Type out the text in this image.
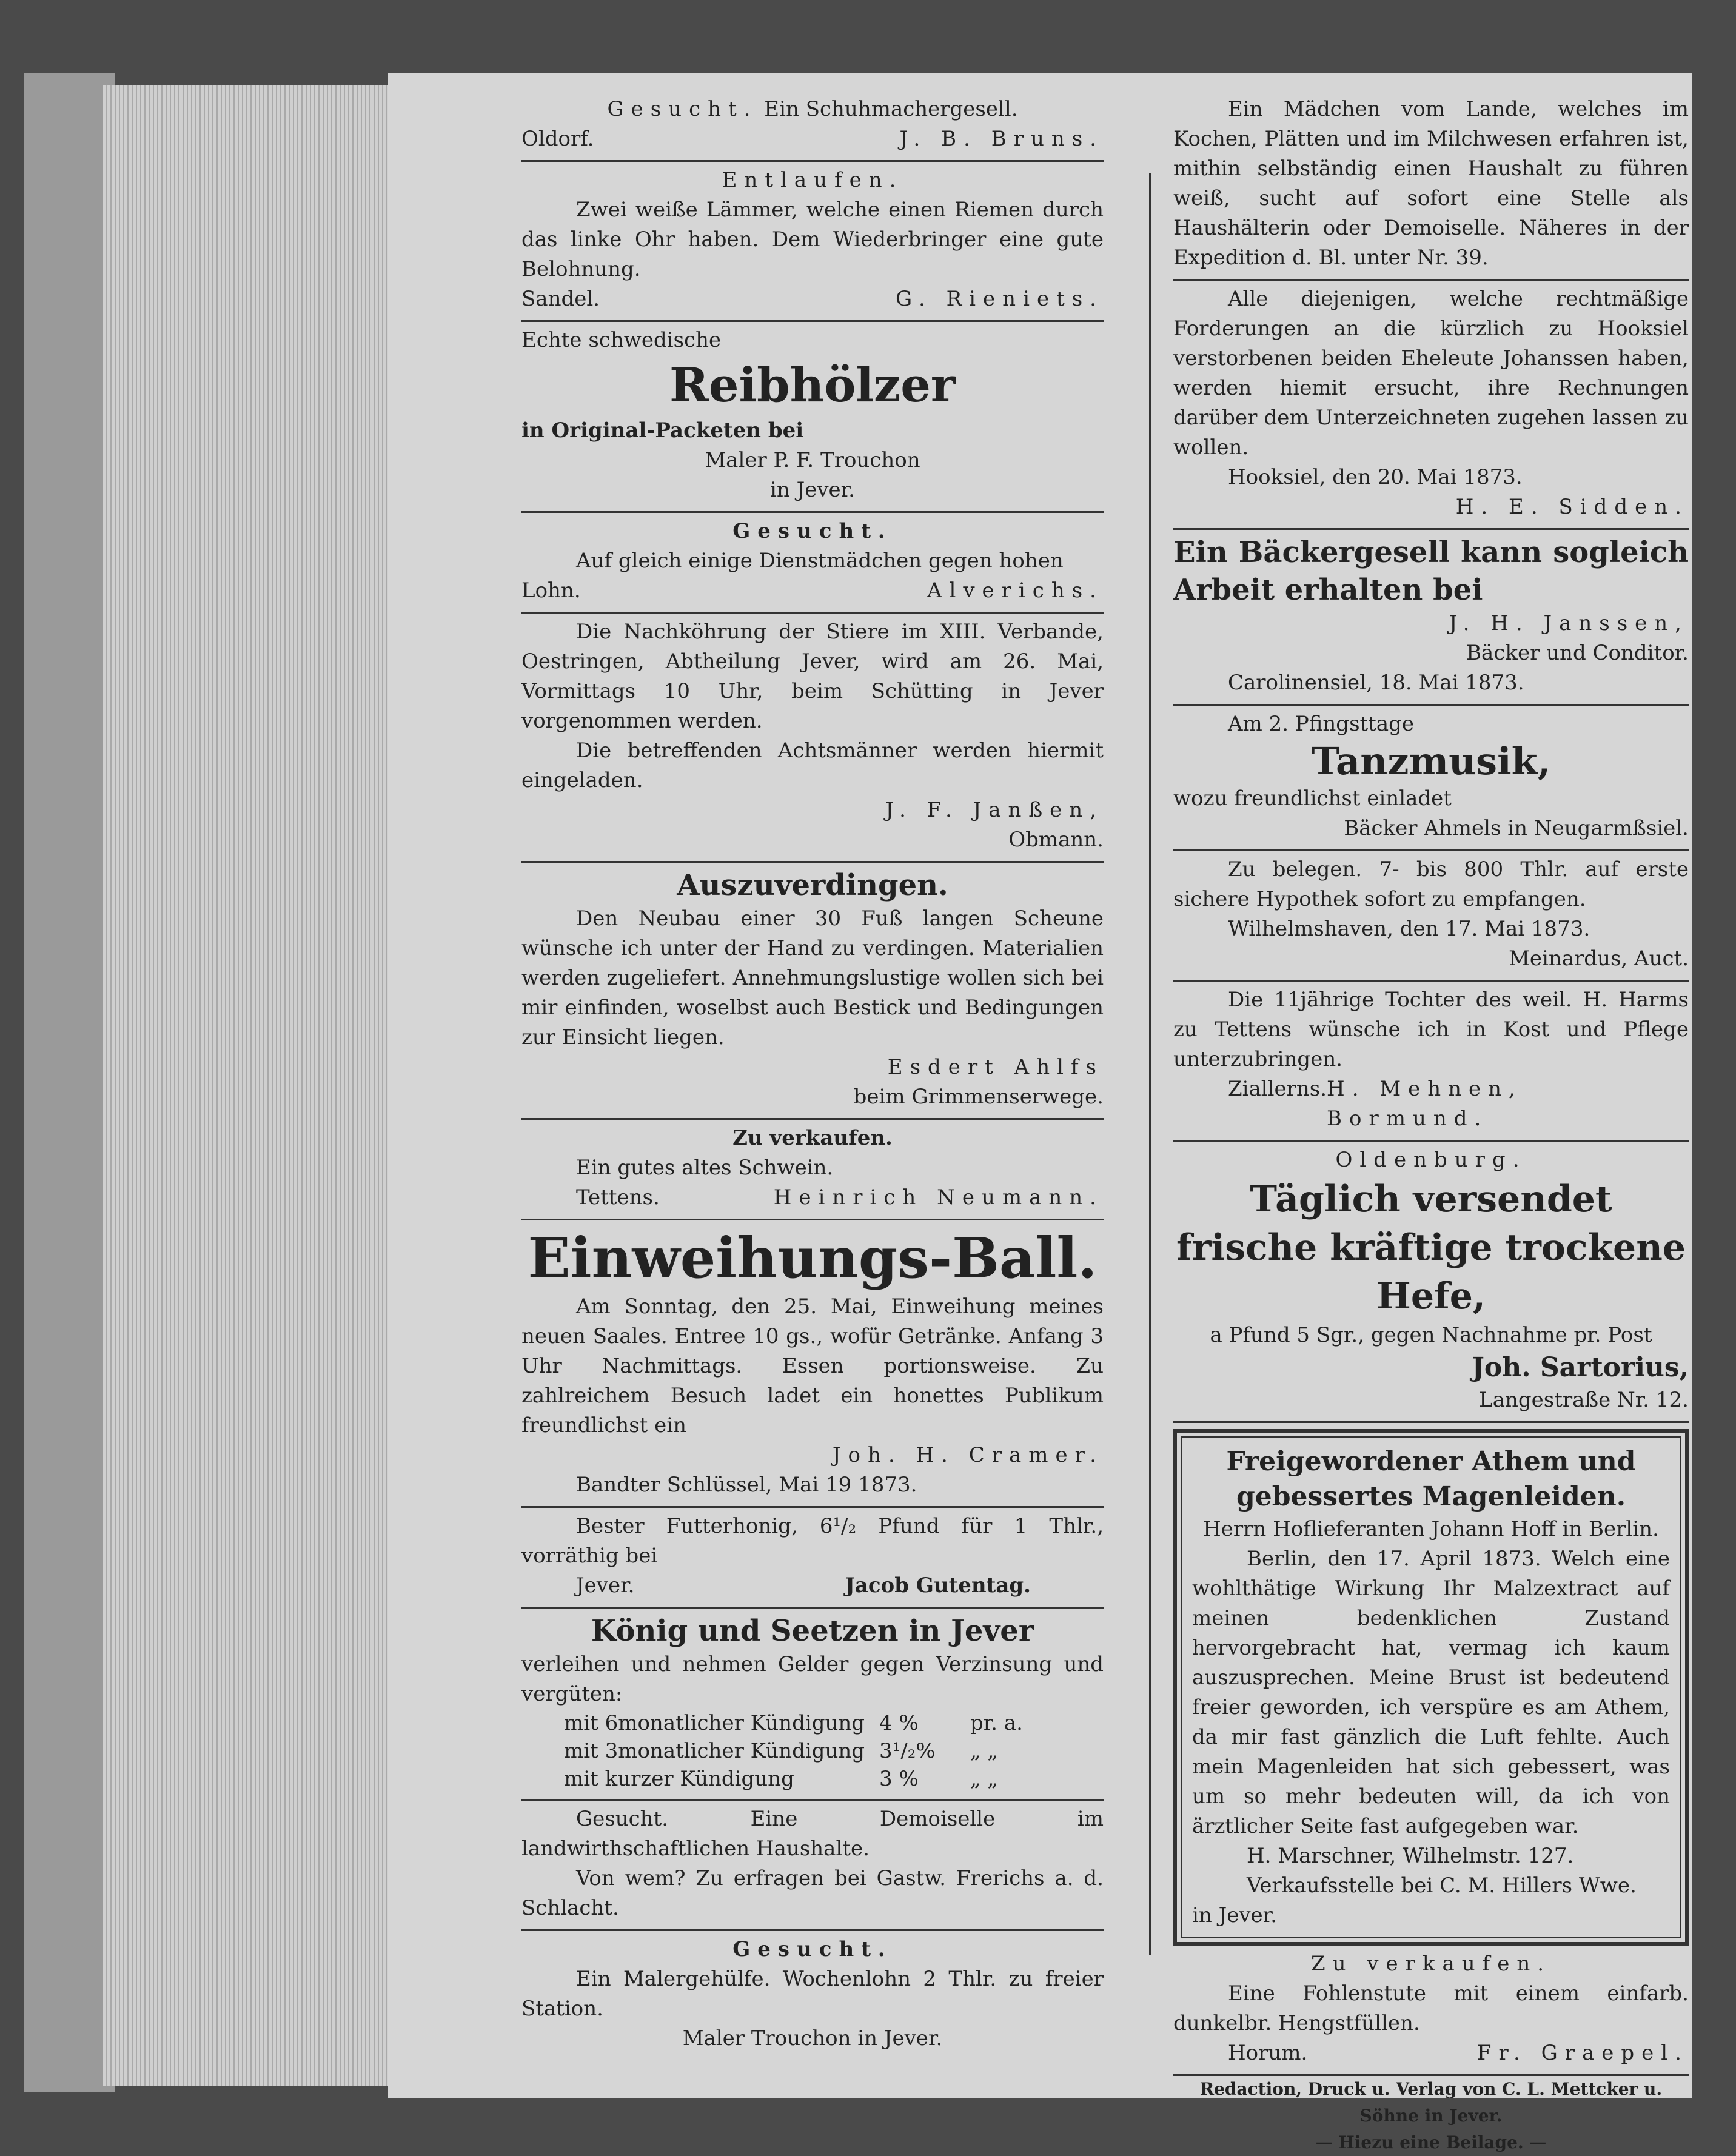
Gesucht. Ein Schuhmachergesell.

Oldorf.	J. B. Bruns.

Entlaufen.

Zwei weiße Lämmer, welche einen Riemen durch das linke Ohr haben. Dem Wiederbringer eine gute Belohnung.

Sandel.	G. Rieniets.

Echte schwedische

Reibhölzer

in Original-Packeten bei

Maler P. F. Trouchon

in Jever.

Gesucht.

Auf gleich einige Dienstmädchen gegen hohen

Lohn.	Alverichs.

Die Nachköhrung der Stiere im XIII. Verbande, Oestringen, Abtheilung Jever, wird am 26. Mai, Vormittags 10 Uhr, beim Schütting in Jever vorgenommen werden.

Die betreffenden Achtsmänner werden hiermit eingeladen.

J. F. Janßen,

Obmann.

Auszuverdingen.

Den Neubau einer 30 Fuß langen Scheune wünsche ich unter der Hand zu verdingen. Materialien werden zugeliefert. Annehmungslustige wollen sich bei mir einfinden, woselbst auch Bestick und Bedingungen zur Einsicht liegen.

Esdert Ahlfs

beim Grimmenserwege.

Zu verkaufen.

Ein gutes altes Schwein.

Tettens.	Heinrich Neumann.

Einweihungs-Ball.

Am Sonntag, den 25. Mai, Einweihung meines neuen Saales. Entree 10 gs., wofür Getränke. Anfang 3 Uhr Nachmittags. Essen portionsweise. Zu zahlreichem Besuch ladet ein honettes Publikum freundlichst ein

Joh. H. Cramer.

Bandter Schlüssel, Mai 19 1873.

Bester Futterhonig, 6¹/₂ Pfund für 1 Thlr., vorräthig bei

Jever.	Jacob Gutentag.

König und Seetzen in Jever

verleihen und nehmen Gelder gegen Verzinsung und vergüten:

mit 6monatlicher Kündigung 4 %	pr. a.
mit 3monatlicher Kündigung 3¹/₂%	„ „
mit kurzer Kündigung	3 %	„ „

Gesucht. Eine Demoiselle im landwirthschaftlichen Haushalte.

Von wem? Zu erfragen bei Gastw. Frerichs a. d. Schlacht.

Gesucht.

Ein Malergehülfe. Wochenlohn 2 Thlr. zu freier Station.

Maler Trouchon in Jever.

Ein Mädchen vom Lande, welches im Kochen, Plätten und im Milchwesen erfahren ist, mithin selbständig einen Haushalt zu führen weiß, sucht auf sofort eine Stelle als Haushälterin oder Demoiselle. Näheres in der Expedition d. Bl. unter Nr. 39.

Alle diejenigen, welche rechtmäßige Forderungen an die kürzlich zu Hooksiel verstorbenen beiden Eheleute Johanssen haben, werden hiemit ersucht, ihre Rechnungen darüber dem Unterzeichneten zugehen lassen zu wollen.

Hooksiel, den 20. Mai 1873.

H. E. Sidden.

Ein Bäckergesell kann sogleich Arbeit erhalten bei

J. H. Janssen,

Bäcker und Conditor.

Carolinensiel, 18. Mai 1873.

Am 2. Pfingsttage

Tanzmusik,

wozu freundlichst einladet

Bäcker Ahmels in Neugarmßsiel.

Zu belegen. 7- bis 800 Thlr. auf erste sichere Hypothek sofort zu empfangen.

Wilhelmshaven, den 17. Mai 1873.

Meinardus, Auct.

Die 11jährige Tochter des weil. H. Harms zu Tettens wünsche ich in Kost und Pflege unterzubringen.

Ziallerns. H. Mehnen, Bormund.

Oldenburg.

Täglich versendet frische kräftige trockene Hefe,

a Pfund 5 Sgr., gegen Nachnahme pr. Post

Joh. Sartorius,

Langestraße Nr. 12.

Freigewordener Athem und gebessertes Magenleiden.

Herrn Hoflieferanten Johann Hoff in Berlin.

Berlin, den 17. April 1873. Welch eine wohlthätige Wirkung Ihr Malzextract auf meinen bedenklichen Zustand hervorgebracht hat, vermag ich kaum auszusprechen. Meine Brust ist bedeutend freier geworden, ich verspüre es am Athem, da mir fast gänzlich die Luft fehlte. Auch mein Magenleiden hat sich gebessert, was um so mehr bedeuten will, da ich von ärztlicher Seite fast aufgegeben war.

H. Marschner, Wilhelmstr. 127.

Verkaufsstelle bei C. M. Hillers Wwe.

in Jever.

Zu verkaufen.

Eine Fohlenstute mit einem einfarb. dunkelbr. Hengstfüllen.

Horum.	Fr. Graepel.

Redaction, Druck u. Verlag von C. L. Mettcker u. Söhne in Jever.

— Hiezu eine Beilage. —
